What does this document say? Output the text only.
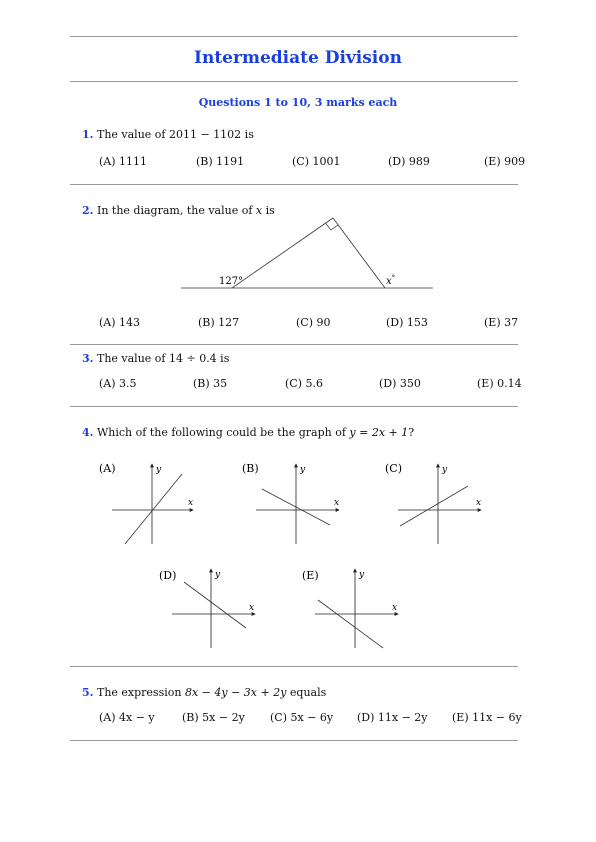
Intermediate Division
Questions 1 to 10, 3 marks each
1. The value of 2011 − 1102 is
(A) 1111	(B) 1191	(C) 1001	(D) 989	(E) 909
2. In the diagram, the value of x is
127°	x°
(A) 143	(B) 127	(C) 90	(D) 153	(E) 37
3. The value of 14 ÷ 0.4 is
(A) 3.5	(B) 35	(C) 5.6	(D) 350	(E) 0.14
4. Which of the following could be the graph of y = 2x + 1?
(A)
x
y	(B)
x
y	(C)
x
y
(D)
x
y	(E)
x
y
5. The expression 8x − 4y − 3x + 2y equals
(A) 4x − y (B) 5x − 2y (C) 5x − 6y (D) 11x − 2y (E) 11x − 6y
